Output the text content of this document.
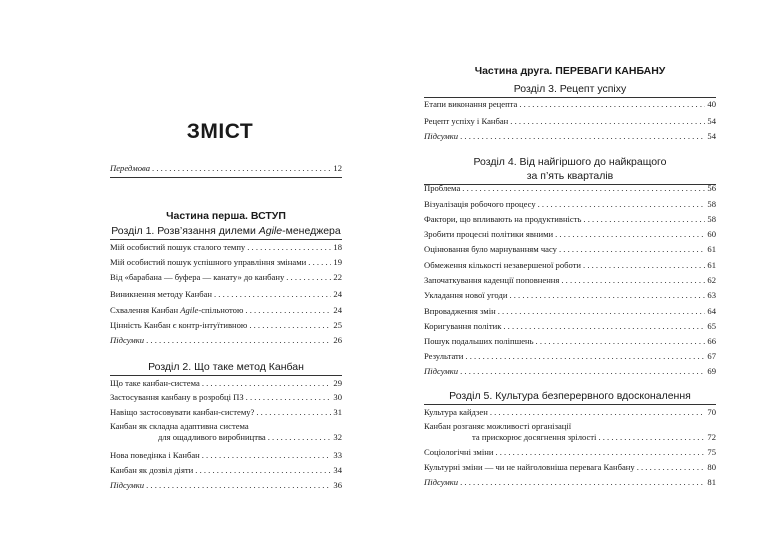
ЗМІСТ
Передмова . . .	12
Частина перша. ВСТУП
Розділ 1. Розв’язання дилеми Agile-менеджера
Мій особистий пошук сталого темпу . . .	18
Мій особистий пошук успішного управління змінами . . .	19
Від «барабана — буфера — канату» до канбану . . .	22
Виникнення методу Канбан . . .	24
Схвалення Канбан Agile-спільнотою . . .	24
Цінність Канбан є контр-інтуїтивною . . .	25
Підсумки . . .	26
Розділ 2. Що таке метод Канбан
Що таке канбан-система . . .	29
Застосування канбану в розробці ПЗ . . .	30
Навіщо застосовувати канбан-систему? . . .	31
Канбан як складна адаптивна система
для ощадливого виробництва . . .	32
Нова поведінка і Канбан . . .	33
Канбан як дозвіл діяти . . .	34
Підсумки . . .	36
Частина друга. ПЕРЕВАГИ КАНБАНУ
Розділ 3. Рецепт успіху
Етапи виконання рецепта . . .	40
Рецепт успіху і Канбан . . .	54
Підсумки . . .	54
Розділ 4. Від найгіршого до найкращого
за п’ять кварталів
Проблема . . .	56
Візуалізація робочого процесу . . .	58
Фактори, що впливають на продуктивність . . .	58
Зробити процесні політики явними . . .	60
Оцінювання було марнуванням часу . . .	61
Обмеження кількості незавершеної роботи . . .	61
Започаткування каденції поповнення . . .	62
Укладання нової угоди . . .	63
Впровадження змін . . .	64
Коригування політик . . .	65
Пошук подальших поліпшень . . .	66
Результати . . .	67
Підсумки . . .	69
Розділ 5. Культура безперервного вдосконалення
Культура кайдзен . . .	70
Канбан розганяє можливості організації
та прискорює досягнення зрілості . . .	72
Соціологічні зміни . . .	75
Культурні зміни — чи не найголовніша перевага Канбану . . .	80
Підсумки . . .	81
